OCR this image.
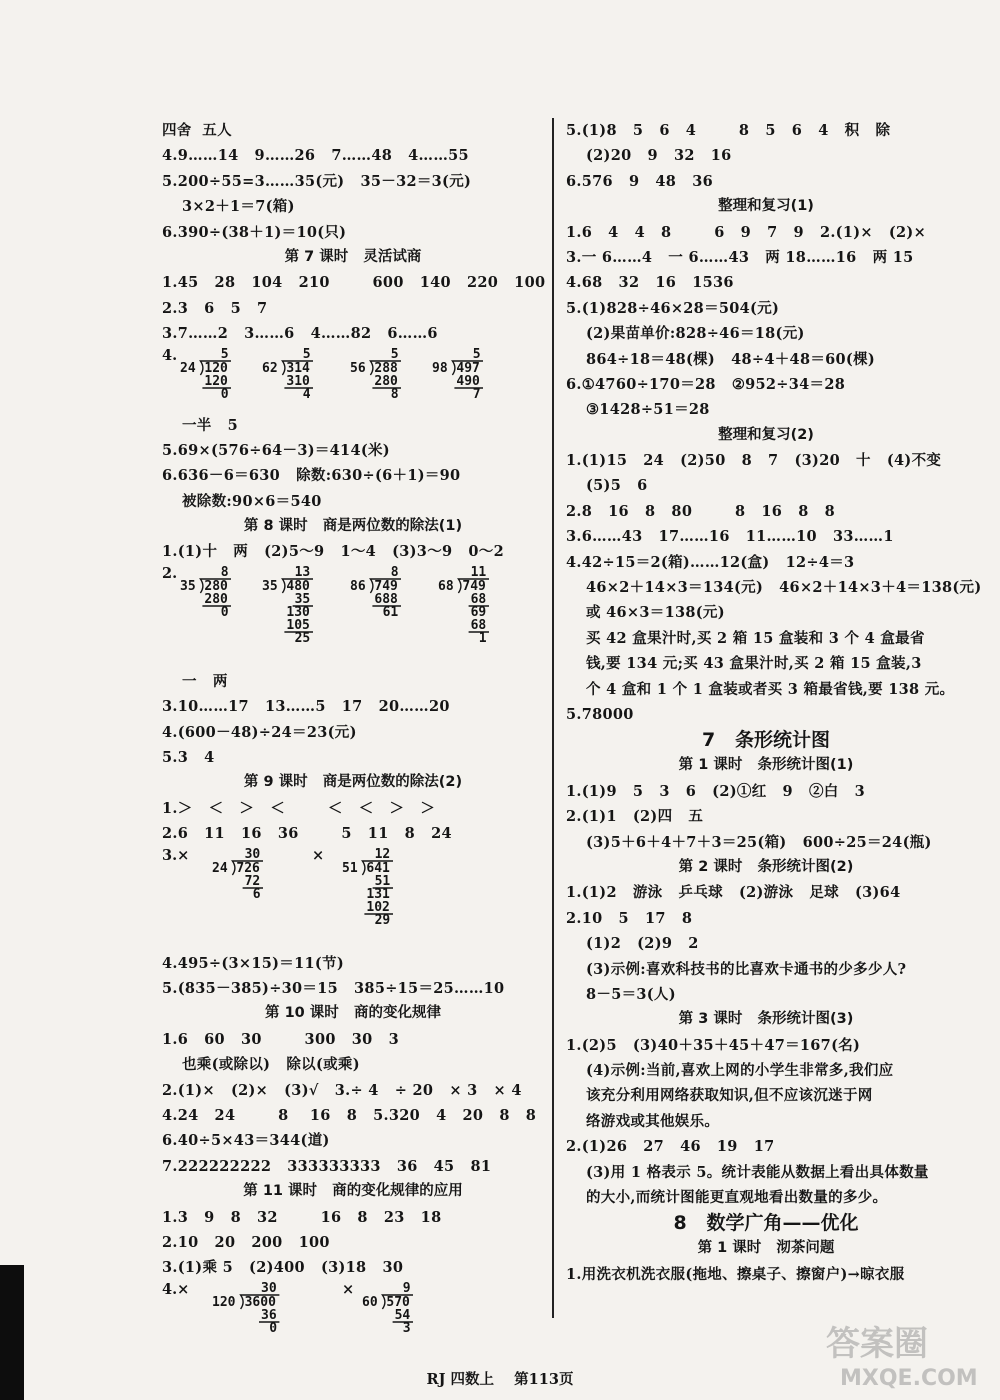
四舍  五人
4.9……14   9……26   7……48   4……55
5.200÷55=3……35(元)   35－32＝3(元)
3×2＋1＝7(箱)
6.390÷(38＋1)＝10(只)
第 7 课时   灵活试商
1.45   28   104   210        600   140   220   100
2.3   6   5   7
3.7……2   3……6   4……82   6……6
4.	5
24 120
120
0
5
62 314
310
4
5
56 288
280
8
5
98 497
490
7
一半   5
5.69×(576÷64－3)＝414(米)
6.636－6＝630   除数:630÷(6＋1)＝90
被除数:90×6＝540
第 8 课时   商是两位数的除法(1)
1.(1)十   两   (2)5～9   1～4   (3)3～9   0～2
2.	8
35 280
280
0
13
35 480
35
130
105
25
8
86 749
688
61
11
68 749
68
69
68
1
一   两
3.10……17   13……5   17   20……20
4.(600－48)÷24＝23(元)
5.3   4
第 9 课时   商是两位数的除法(2)
1.＞   ＜   ＞   ＜        ＜   ＜   ＞   ＞
2.6   11   16   36        5   11   8   24
3.×	×
30
24 726
72
6
12
51 641
51
131
102
29
4.495÷(3×15)＝11(节)
5.(835－385)÷30＝15   385÷15＝25……10
第 10 课时   商的变化规律
1.6   60   30        300   30   3
也乘(或除以)   除以(或乘)
2.(1)×   (2)×   (3)√   3.÷ 4   ÷ 20   × 3   × 4
4.24   24        8    16   8   5.320   4   20   8   8
6.40÷5×43＝344(道)
7.222222222   333333333   36   45   81
第 11 课时   商的变化规律的应用
1.3   9   8   32        16   8   23   18
2.10   20   200   100
3.(1)乘 5   (2)400   (3)18   30
4.×	×
30
120 3600
36
0
9
60 570
54
3
5.(1)8   5   6   4        8   5   6   4   积   除
(2)20   9   32   16
6.576   9   48   36
整理和复习(1)
1.6   4   4   8        6   9   7   9   2.(1)×   (2)×
3.一 6……4   一 6……43   两 18……16   两 15
4.68   32   16   1536
5.(1)828÷46×28＝504(元)
(2)果苗单价:828÷46＝18(元)
864÷18＝48(棵)   48÷4＋48＝60(棵)
6.①4760÷170＝28   ②952÷34＝28
③1428÷51＝28
整理和复习(2)
1.(1)15   24   (2)50   8   7   (3)20   十   (4)不变
(5)5   6
2.8   16   8   80        8   16   8   8
3.6……43   17……16   11……10   33……1
4.42÷15＝2(箱)……12(盒)   12÷4＝3
46×2＋14×3＝134(元)   46×2＋14×3＋4＝138(元)
或 46×3＝138(元)
买 42 盒果汁时,买 2 箱 15 盒装和 3 个 4 盒最省
钱,要 134 元;买 43 盒果汁时,买 2 箱 15 盒装,3
个 4 盒和 1 个 1 盒装或者买 3 箱最省钱,要 138 元。
5.78000
7   条形统计图
第 1 课时   条形统计图(1)
1.(1)9   5   3   6   (2)①红   9   ②白   3
2.(1)1   (2)四   五
(3)5＋6＋4＋7＋3＝25(箱)   600÷25＝24(瓶)
第 2 课时   条形统计图(2)
1.(1)2   游泳   乒乓球   (2)游泳   足球   (3)64
2.10   5   17   8
(1)2   (2)9   2
(3)示例:喜欢科技书的比喜欢卡通书的少多少人?
8－5＝3(人)
第 3 课时   条形统计图(3)
1.(2)5   (3)40＋35＋45＋47＝167(名)
(4)示例:当前,喜欢上网的小学生非常多,我们应
该充分利用网络获取知识,但不应该沉迷于网
络游戏或其他娱乐。
2.(1)26   27   46   19   17
(3)用 1 格表示 5。统计表能从数据上看出具体数量
的大小,而统计图能更直观地看出数量的多少。
8   数学广角——优化
第 1 课时   沏茶问题
1.用洗衣机洗衣服(拖地、擦桌子、擦窗户)→晾衣服
RJ 四数上    第113页
答案圈
MXQE.COM
